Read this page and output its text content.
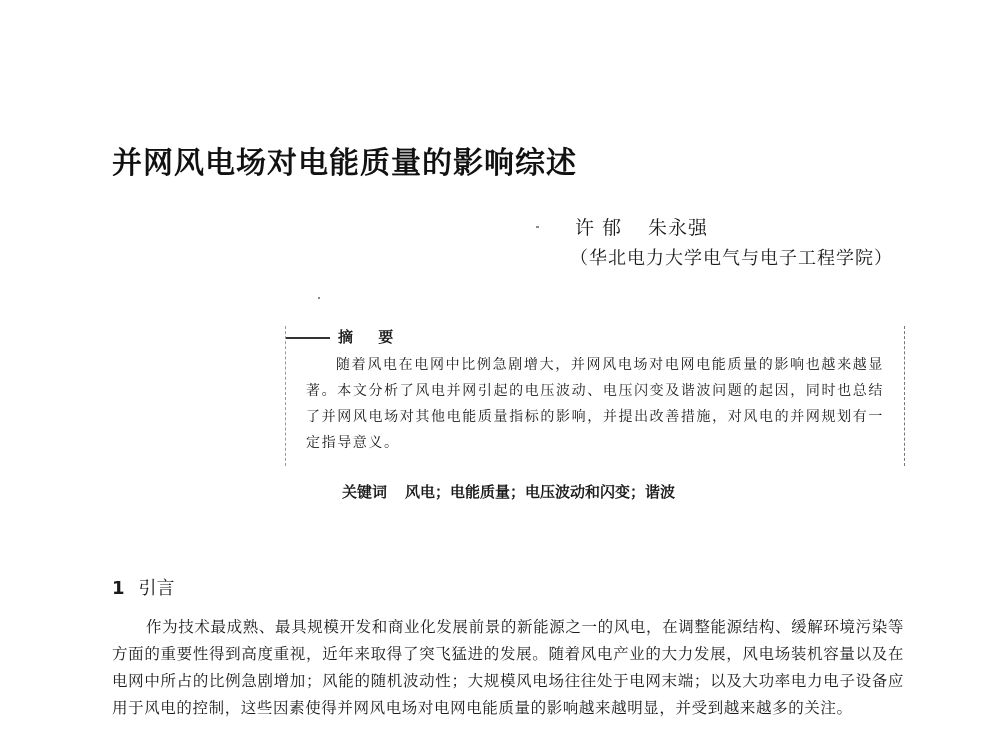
并网风电场对电能质量的影响综述
许 郁 朱永强
（华北电力大学电气与电子工程学院）
摘 要

随着风电在电网中比例急剧增大，并网风电场对电网电能质量的影响也越来越显著。本文分析了风电并网引起的电压波动、电压闪变及谐波问题的起因，同时也总结了并网风电场对其他电能质量指标的影响，并提出改善措施，对风电的并网规划有一定指导意义。

关键词 风电；电能质量；电压波动和闪变；谐波
1 引言

作为技术最成熟、最具规模开发和商业化发展前景的新能源之一的风电，在调整能源结构、缓解环境污染等方面的重要性得到高度重视，近年来取得了突飞猛进的发展。随着风电产业的大力发展，风电场装机容量以及在电网中所占的比例急剧增加；风能的随机波动性；大规模风电场往往处于电网末端；以及大功率电力电子设备应用于风电的控制，这些因素使得并网风电场对电网电能质量的影响越来越明显，并受到越来越多的关注。
